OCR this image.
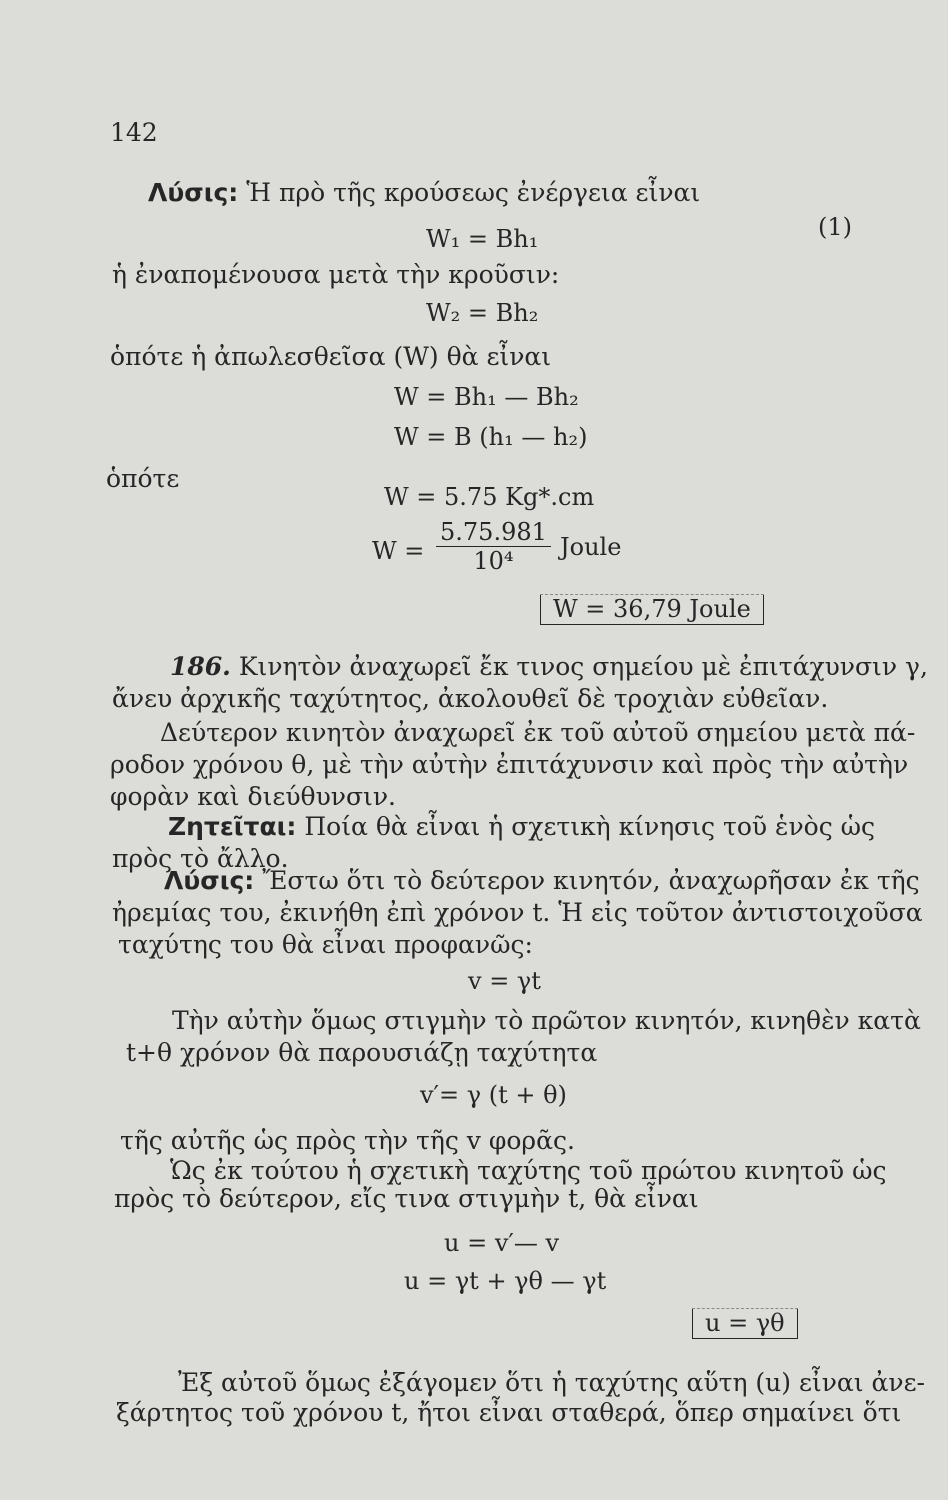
142
Λύσις: Ἡ πρὸ τῆς κρούσεως ἐνέργεια εἶναι
W₁ = Bh₁	(1)
ἡ ἐναπομένουσα μετὰ τὴν κροῦσιν:
W₂ = Bh₂
ὁπότε ἡ ἀπωλεσθεῖσα (W) θὰ εἶναι
W = Bh₁ — Bh₂
W = B (h₁ — h₂)
ὁπότε
W = 5.75 Kg*.cm
$W = \frac{5.75.981}{\text{10⁴}}$ Joule
W = 36,79 Joule
186. Κινητὸν ἀναχωρεῖ ἔκ τινος σημείου μὲ ἐπιτάχυνσιν γ,
ἄνευ ἀρχικῆς ταχύτητος, ἀκολουθεῖ δὲ τροχιὰν εὐθεῖαν.
Δεύτερον κινητὸν ἀναχωρεῖ ἐκ τοῦ αὐτοῦ σημείου μετὰ πά-
ροδον χρόνου θ, μὲ τὴν αὐτὴν ἐπιτάχυνσιν καὶ πρὸς τὴν αὐτὴν
φορὰν καὶ διεύθυνσιν.
Ζητεῖται: Ποία θὰ εἶναι ἡ σχετικὴ κίνησις τοῦ ἑνὸς ὡς
πρὸς τὸ ἄλλο.
Λύσις: Ἔστω ὅτι τὸ δεύτερον κινητόν, ἀναχωρῆσαν ἐκ τῆς
ἠρεμίας του, ἐκινήθη ἐπὶ χρόνον t. Ἡ εἰς τοῦτον ἀντιστοιχοῦσα
ταχύτης του θὰ εἶναι προφανῶς:
v = γt
Τὴν αὐτὴν ὅμως στιγμὴν τὸ πρῶτον κινητόν, κινηθὲν κατὰ
t+θ χρόνον θὰ παρουσιάζῃ ταχύτητα
v′= γ (t + θ)
τῆς αὐτῆς ὡς πρὸς τὴν τῆς v φορᾶς.
Ὡς ἐκ τούτου ἡ σχετικὴ ταχύτης τοῦ πρώτου κινητοῦ ὡς
πρὸς τὸ δεύτερον, εἴς τινα στιγμὴν t, θὰ εἶναι
u = v′— v
u = γt + γθ — γt
u = γθ
Ἐξ αὐτοῦ ὅμως ἐξάγομεν ὅτι ἡ ταχύτης αὕτη (u) εἶναι ἀνε-
ξάρτητος τοῦ χρόνου t, ἤτοι εἶναι σταθερά, ὅπερ σημαίνει ὅτι
